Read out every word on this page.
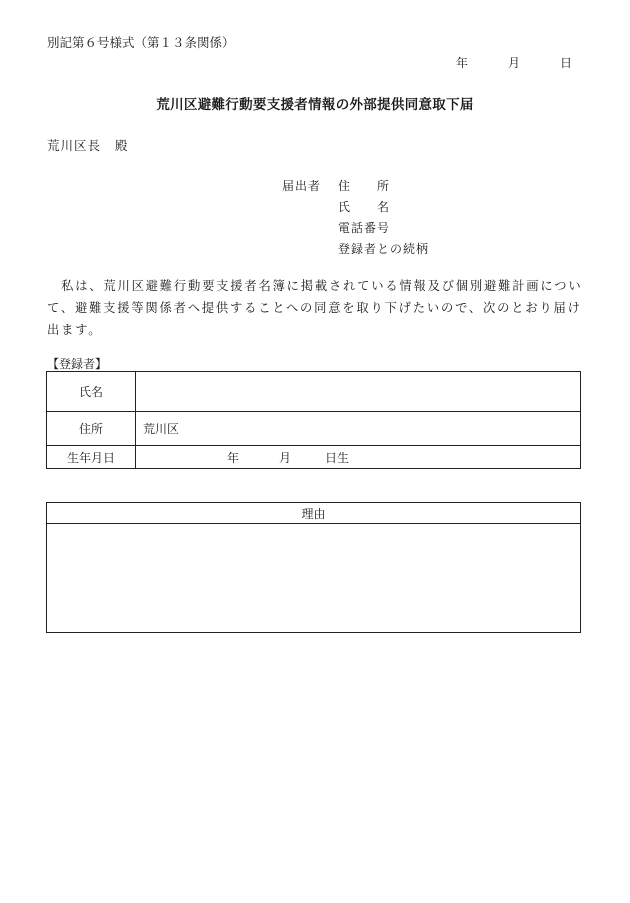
別記第６号様式（第１３条関係）
年	月	日
荒川区避難行動要支援者情報の外部提供同意取下届
荒川区長 殿
届出者 住　　所
氏　　名
電話番号
登録者との続柄
　私は、荒川区避難行動要支援者名簿に掲載されている情報及び個別避難計画につい
て、避難支援等関係者へ提供することへの同意を取り下げたいので、次のとおり届け
出ます。
【登録者】
氏名	
住所	荒川区
生年月日	年 月 日生
理由
